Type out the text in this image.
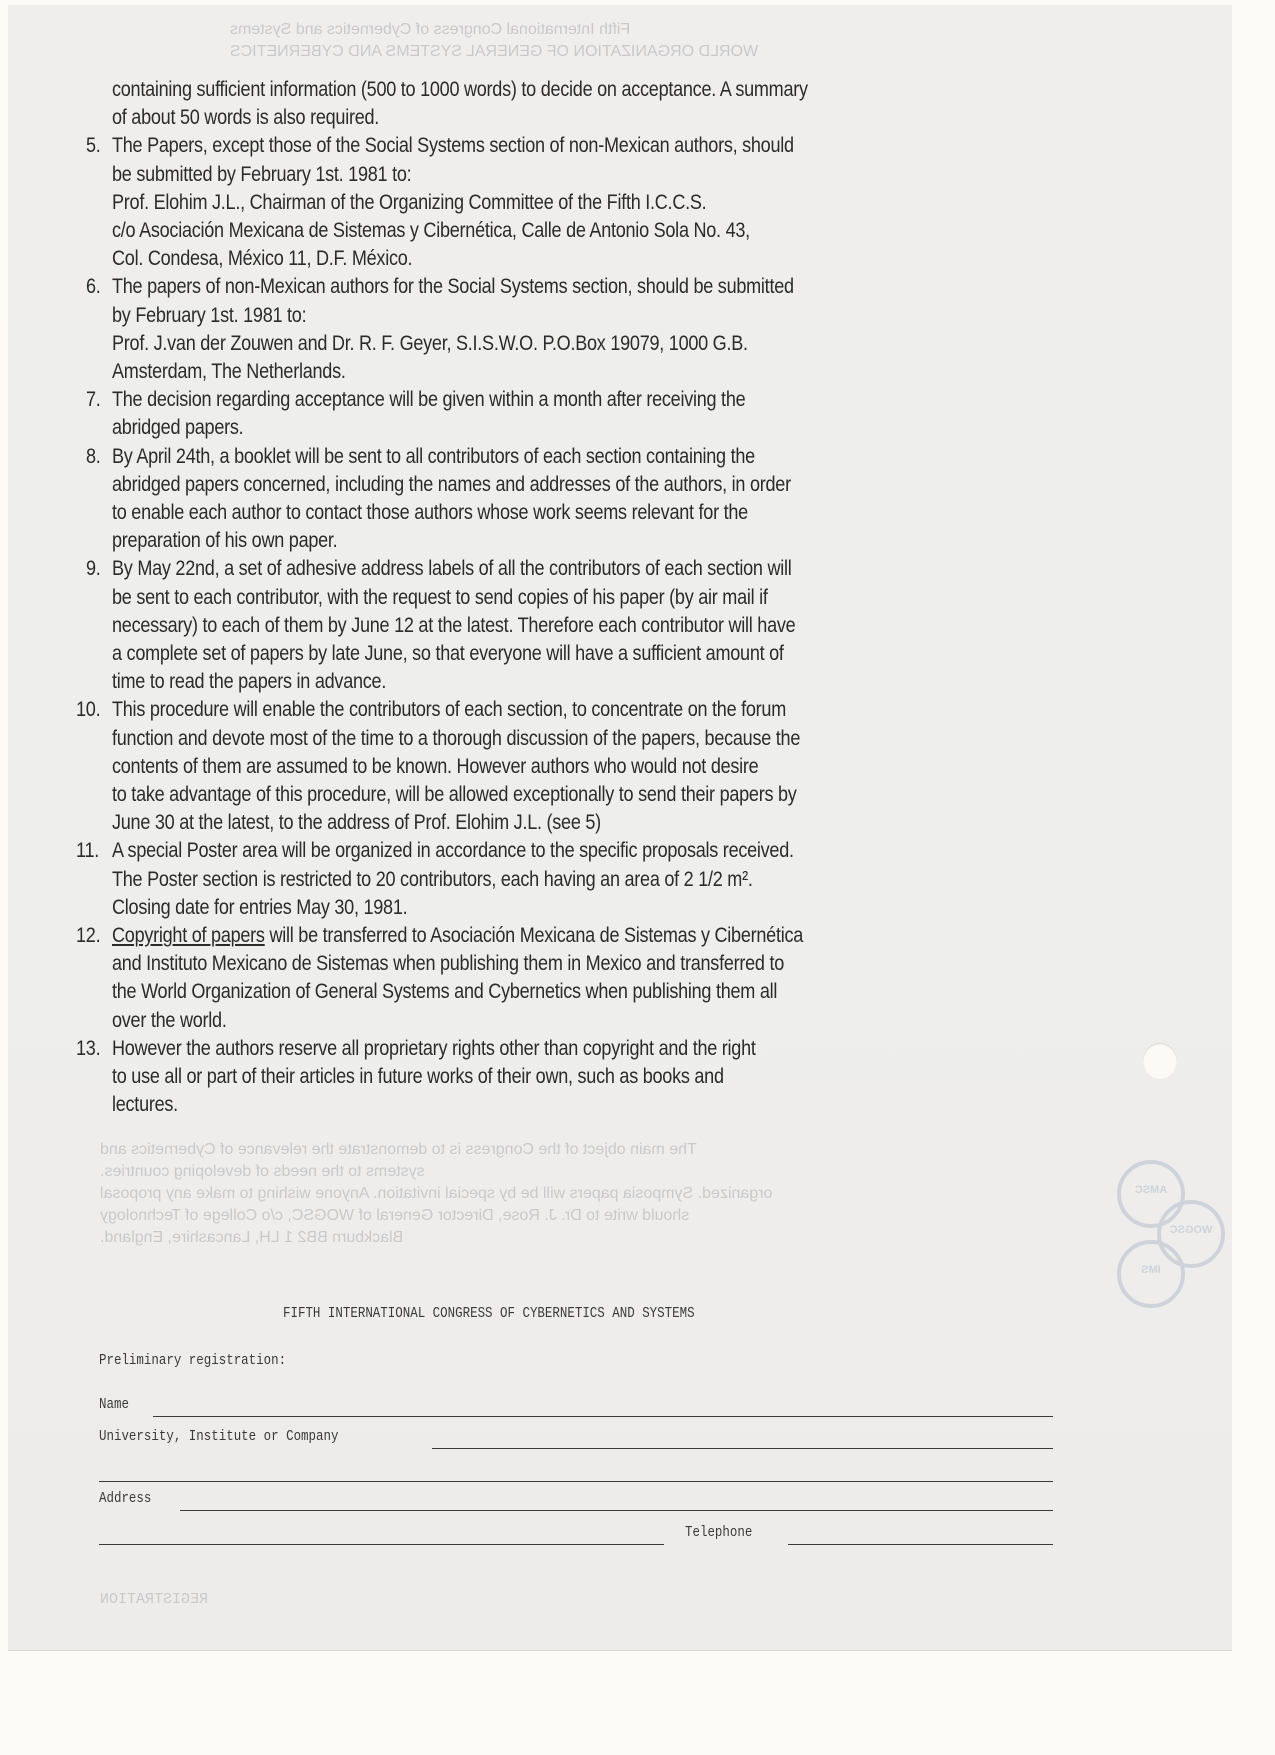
Fifth International Congress of Cybernetics and Systems
WORLD ORGANIZATION OF GENERAL SYSTEMS AND CYBERNETICS
The main object of the Congress is to demonstrate the relevance of Cybernetics and
systems to the needs of developing countries.
organized. Symposia papers will be by special invitation. Anyone wishing to make any proposal
should write to Dr. J. Rose, Director General of WOGSC, c/o College of Technology
Blackburn BB2 1 LH, Lancashire, England.
REGISTRATION
AMSC
WOGSC
IMS
containing sufficient information (500 to 1000 words) to decide on acceptance. A summary
of about 50 words is also required.
5. The Papers, except those of the Social Systems section of non-Mexican authors, should
be submitted by February 1st. 1981 to:
Prof. Elohim J.L., Chairman of the Organizing Committee of the Fifth I.C.C.S.
c/o Asociación Mexicana de Sistemas y Cibernética, Calle de Antonio Sola No. 43,
Col. Condesa, México 11, D.F. México.
6. The papers of non-Mexican authors for the Social Systems section, should be submitted
by February 1st. 1981 to:
Prof. J.van der Zouwen and Dr. R. F. Geyer, S.I.S.W.O. P.O.Box 19079, 1000 G.B.
Amsterdam, The Netherlands.
7. The decision regarding acceptance will be given within a month after receiving the
abridged papers.
8. By April 24th, a booklet will be sent to all contributors of each section containing the
abridged papers concerned, including the names and addresses of the authors, in order
to enable each author to contact those authors whose work seems relevant for the
preparation of his own paper.
9. By May 22nd, a set of adhesive address labels of all the contributors of each section will
be sent to each contributor, with the request to send copies of his paper (by air mail if
necessary) to each of them by June 12 at the latest. Therefore each contributor will have
a complete set of papers by late June, so that everyone will have a sufficient amount of
time to read the papers in advance.
10. This procedure will enable the contributors of each section, to concentrate on the forum
function and devote most of the time to a thorough discussion of the papers, because the
contents of them are assumed to be known. However authors who would not desire
to take advantage of this procedure, will be allowed exceptionally to send their papers by
June 30 at the latest, to the address of Prof. Elohim J.L. (see 5)
11. A special Poster area will be organized in accordance to the specific proposals received.
The Poster section is restricted to 20 contributors, each having an area of 2 1/2 m².
Closing date for entries May 30, 1981.
12. Copyright of papers will be transferred to Asociación Mexicana de Sistemas y Cibernética
and Instituto Mexicano de Sistemas when publishing them in Mexico and transferred to
the World Organization of General Systems and Cybernetics when publishing them all
over the world.
13. However the authors reserve all proprietary rights other than copyright and the right
to use all or part of their articles in future works of their own, such as books and
lectures.
FIFTH INTERNATIONAL CONGRESS OF CYBERNETICS AND SYSTEMS
Preliminary registration:
Name
University, Institute or Company
Address
Telephone
